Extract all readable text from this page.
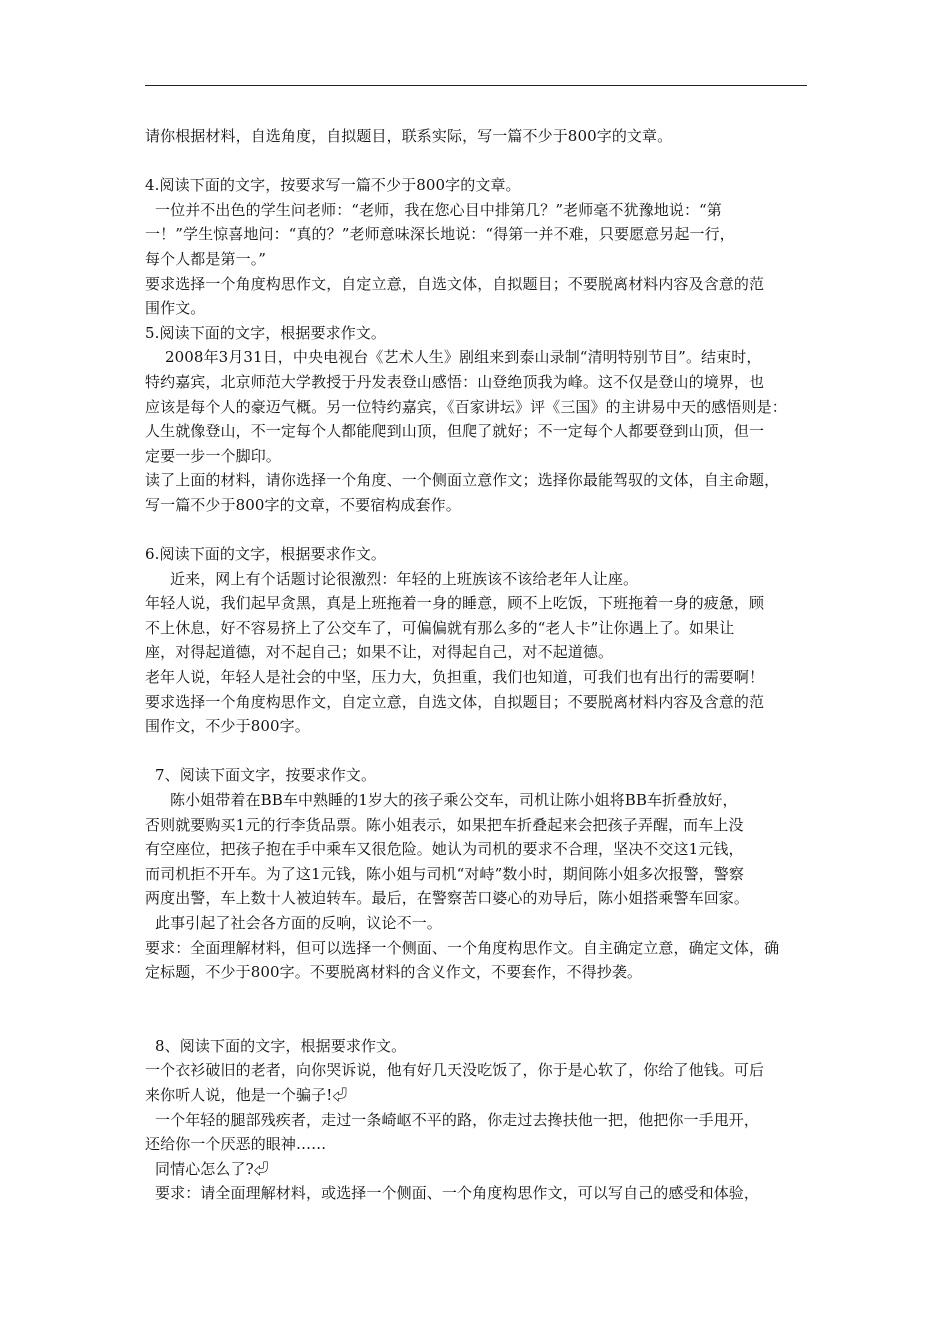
请你根据材料，自选角度，自拟题目，联系实际，写一篇不少于800字的文章。
4.阅读下面的文字，按要求写一篇不少于800字的文章。
一位并不出色的学生问老师：“老师，我在您心目中排第几？”老师毫不犹豫地说：“第
一！”学生惊喜地问：“真的？”老师意味深长地说：“得第一并不难，只要愿意另起一行，
每个人都是第一。”
要求选择一个角度构思作文，自定立意，自选文体，自拟题目；不要脱离材料内容及含意的范
围作文。
5.阅读下面的文字，根据要求作文。
2008年3月31日，中央电视台《艺术人生》剧组来到泰山录制“清明特别节目”。结束时，
特约嘉宾，北京师范大学教授于丹发表登山感悟：山登绝顶我为峰。这不仅是登山的境界，也
应该是每个人的豪迈气概。另一位特约嘉宾，《百家讲坛》评《三国》的主讲易中天的感悟则是：
人生就像登山，不一定每个人都能爬到山顶，但爬了就好；不一定每个人都要登到山顶，但一
定要一步一个脚印。
读了上面的材料，请你选择一个角度、一个侧面立意作文；选择你最能驾驭的文体，自主命题，
写一篇不少于800字的文章，不要宿构成套作。
6.阅读下面的文字，根据要求作文。
近来，网上有个话题讨论很激烈：年轻的上班族该不该给老年人让座。
年轻人说，我们起早贪黑，真是上班拖着一身的睡意，顾不上吃饭，下班拖着一身的疲惫，顾
不上休息，好不容易挤上了公交车了，可偏偏就有那么多的“老人卡”让你遇上了。如果让
座，对得起道德，对不起自己；如果不让，对得起自己，对不起道德。
老年人说，年轻人是社会的中坚，压力大，负担重，我们也知道，可我们也有出行的需要啊！
要求选择一个角度构思作文，自定立意，自选文体，自拟题目；不要脱离材料内容及含意的范
围作文，不少于800字。
7、阅读下面文字，按要求作文。
陈小姐带着在BB车中熟睡的1岁大的孩子乘公交车，司机让陈小姐将BB车折叠放好，
否则就要购买1元的行李货品票。陈小姐表示，如果把车折叠起来会把孩子弄醒，而车上没
有空座位，把孩子抱在手中乘车又很危险。她认为司机的要求不合理，坚决不交这1元钱，
而司机拒不开车。为了这1元钱，陈小姐与司机“对峙”数小时，期间陈小姐多次报警，警察
两度出警，车上数十人被迫转车。最后，在警察苦口婆心的劝导后，陈小姐搭乘警车回家。
此事引起了社会各方面的反响，议论不一。
要求：全面理解材料，但可以选择一个侧面、一个角度构思作文。自主确定立意，确定文体，确
定标题，不少于800字。不要脱离材料的含义作文，不要套作，不得抄袭。
8、阅读下面的文字，根据要求作文。
一个衣衫破旧的老者，向你哭诉说，他有好几天没吃饭了，你于是心软了，你给了他钱。可后
来你听人说，他是一个骗子!⏎
一个年轻的腿部残疾者，走过一条崎岖不平的路，你走过去搀扶他一把，他把你一手甩开，
还给你一个厌恶的眼神……
同情心怎么了?⏎
要求：请全面理解材料，或选择一个侧面、一个角度构思作文，可以写自己的感受和体验，
